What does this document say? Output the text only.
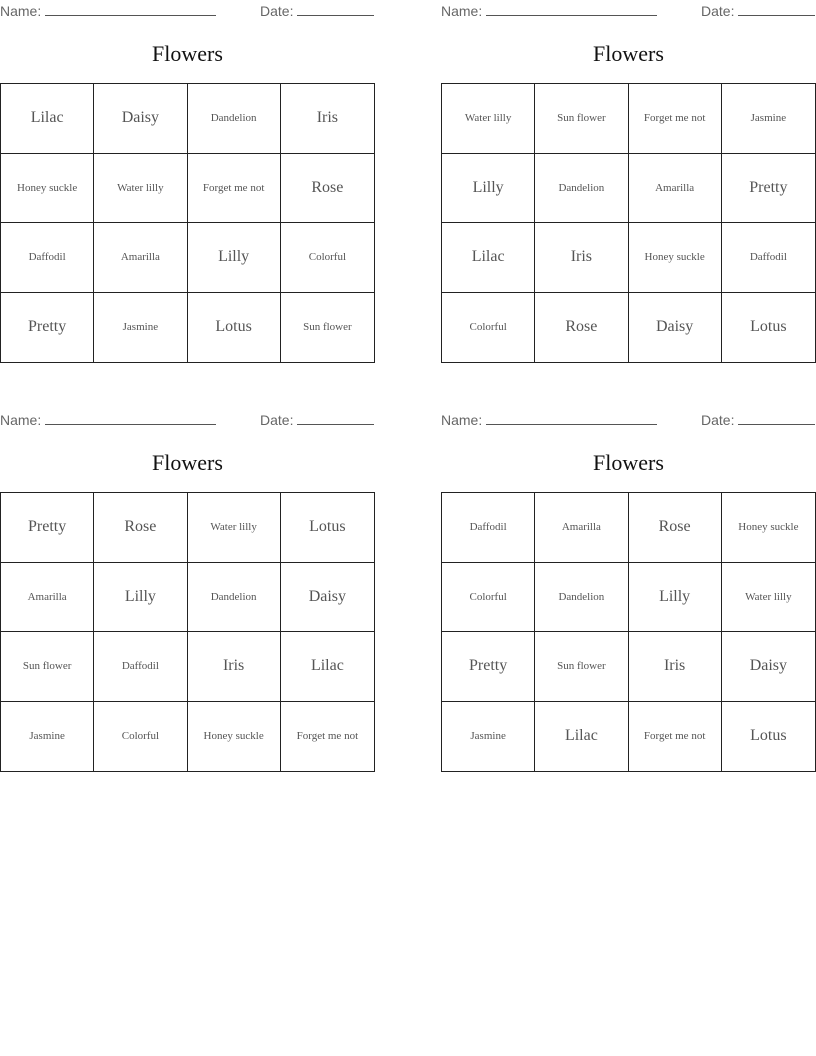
Name:	Date:
Flowers
Lilac	Daisy	Dandelion	Iris
Honey suckle	Water lilly	Forget me not	Rose
Daffodil	Amarilla	Lilly	Colorful
Pretty	Jasmine	Lotus	Sun flower
Name:	Date:
Flowers
Water lilly	Sun flower	Forget me not	Jasmine
Lilly	Dandelion	Amarilla	Pretty
Lilac	Iris	Honey suckle	Daffodil
Colorful	Rose	Daisy	Lotus
Name:	Date:
Flowers
Pretty	Rose	Water lilly	Lotus
Amarilla	Lilly	Dandelion	Daisy
Sun flower	Daffodil	Iris	Lilac
Jasmine	Colorful	Honey suckle	Forget me not
Name:	Date:
Flowers
Daffodil	Amarilla	Rose	Honey suckle
Colorful	Dandelion	Lilly	Water lilly
Pretty	Sun flower	Iris	Daisy
Jasmine	Lilac	Forget me not	Lotus
